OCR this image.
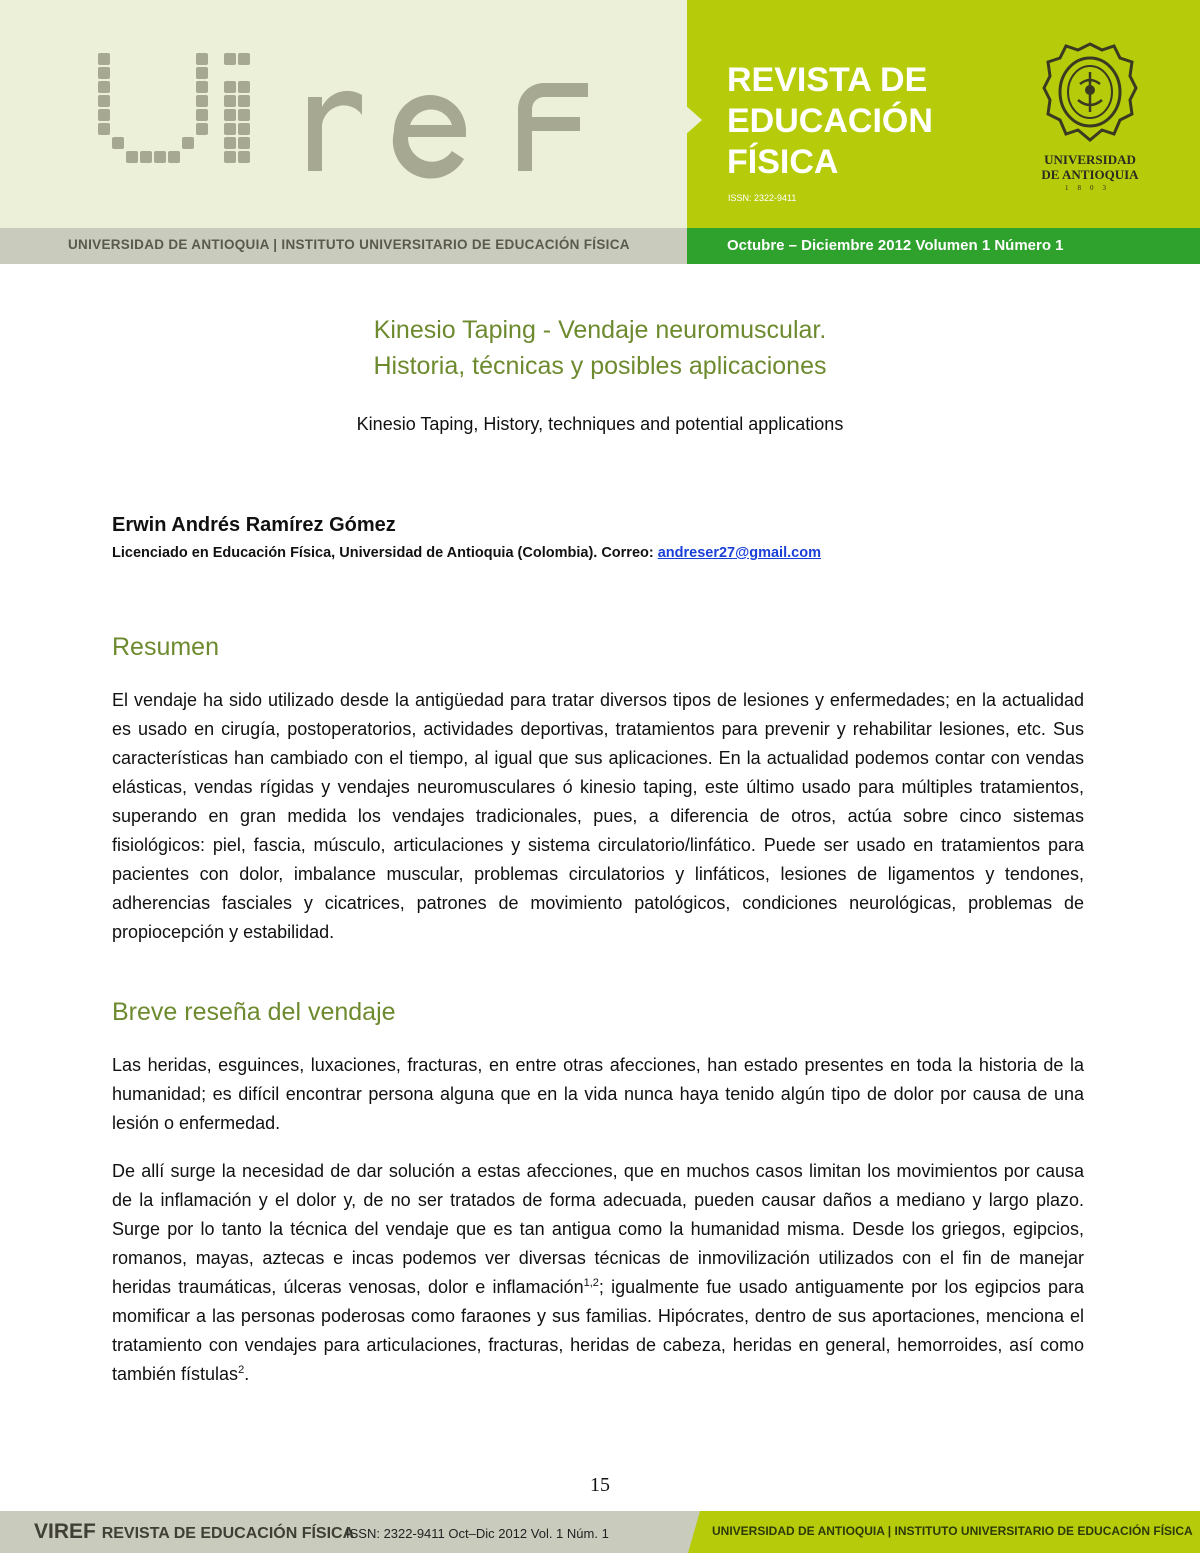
REVISTA DE
EDUCACIÓN
FÍSICA
ISSN: 2322-9411
UNIVERSIDAD
DE ANTIOQUIA
1803
UNIVERSIDAD DE ANTIOQUIA | INSTITUTO UNIVERSITARIO DE EDUCACIÓN FÍSICA	Octubre – Diciembre 2012 Volumen 1 Número 1
Kinesio Taping - Vendaje neuromuscular.
Historia, técnicas y posibles aplicaciones
Kinesio Taping, History, techniques and potential applications
Erwin Andrés Ramírez Gómez
Licenciado en Educación Física, Universidad de Antioquia (Colombia). Correo: andreser27@gmail.com
Resumen
El vendaje ha sido utilizado desde la antigüedad para tratar diversos tipos de lesiones y enfermedades; en la actualidad es usado en cirugía, postoperatorios, actividades deportivas, tratamientos para prevenir y rehabilitar lesiones, etc. Sus características han cambiado con el tiempo, al igual que sus aplicaciones. En la actualidad podemos contar con vendas elásticas, vendas rígidas y vendajes neuromusculares ó kinesio taping, este último usado para múltiples tratamientos, superando en gran medida los vendajes tradicionales, pues, a diferencia de otros, actúa sobre cinco sistemas fisiológicos: piel, fascia, músculo, articulaciones y sistema circulatorio/linfático. Puede ser usado en tratamientos para pacientes con dolor, imbalance muscular, problemas circulatorios y linfáticos, lesiones de ligamentos y tendones, adherencias fasciales y cicatrices, patrones de movimiento patológicos, condiciones neurológicas, problemas de propiocepción y estabilidad.
Breve reseña del vendaje
Las heridas, esguinces, luxaciones, fracturas, en entre otras afecciones, han estado presentes en toda la historia de la humanidad; es difícil encontrar persona alguna que en la vida nunca haya tenido algún tipo de dolor por causa de una lesión o enfermedad.
De allí surge la necesidad de dar solución a estas afecciones, que en muchos casos limitan los movimientos por causa de la inflamación y el dolor y, de no ser tratados de forma adecuada, pueden causar daños a mediano y largo plazo. Surge por lo tanto la técnica del vendaje que es tan antigua como la humanidad misma. Desde los griegos, egipcios, romanos, mayas, aztecas e incas podemos ver diversas técnicas de inmovilización utilizados con el fin de manejar heridas traumáticas, úlceras venosas, dolor e inflamación$^{1,2}$; igualmente fue usado antiguamente por los egipcios para momificar a las personas poderosas como faraones y sus familias. Hipócrates, dentro de sus aportaciones, menciona el tratamiento con vendajes para articulaciones, fracturas, heridas de cabeza, heridas en general, hemorroides, así como también fístulas$^2$.
15
VIREF REVISTA DE EDUCACIÓN FÍSICA
ISSN: 2322-9411 Oct–Dic 2012 Vol. 1 Núm. 1	UNIVERSIDAD DE ANTIOQUIA | INSTITUTO UNIVERSITARIO DE EDUCACIÓN FÍSICA
